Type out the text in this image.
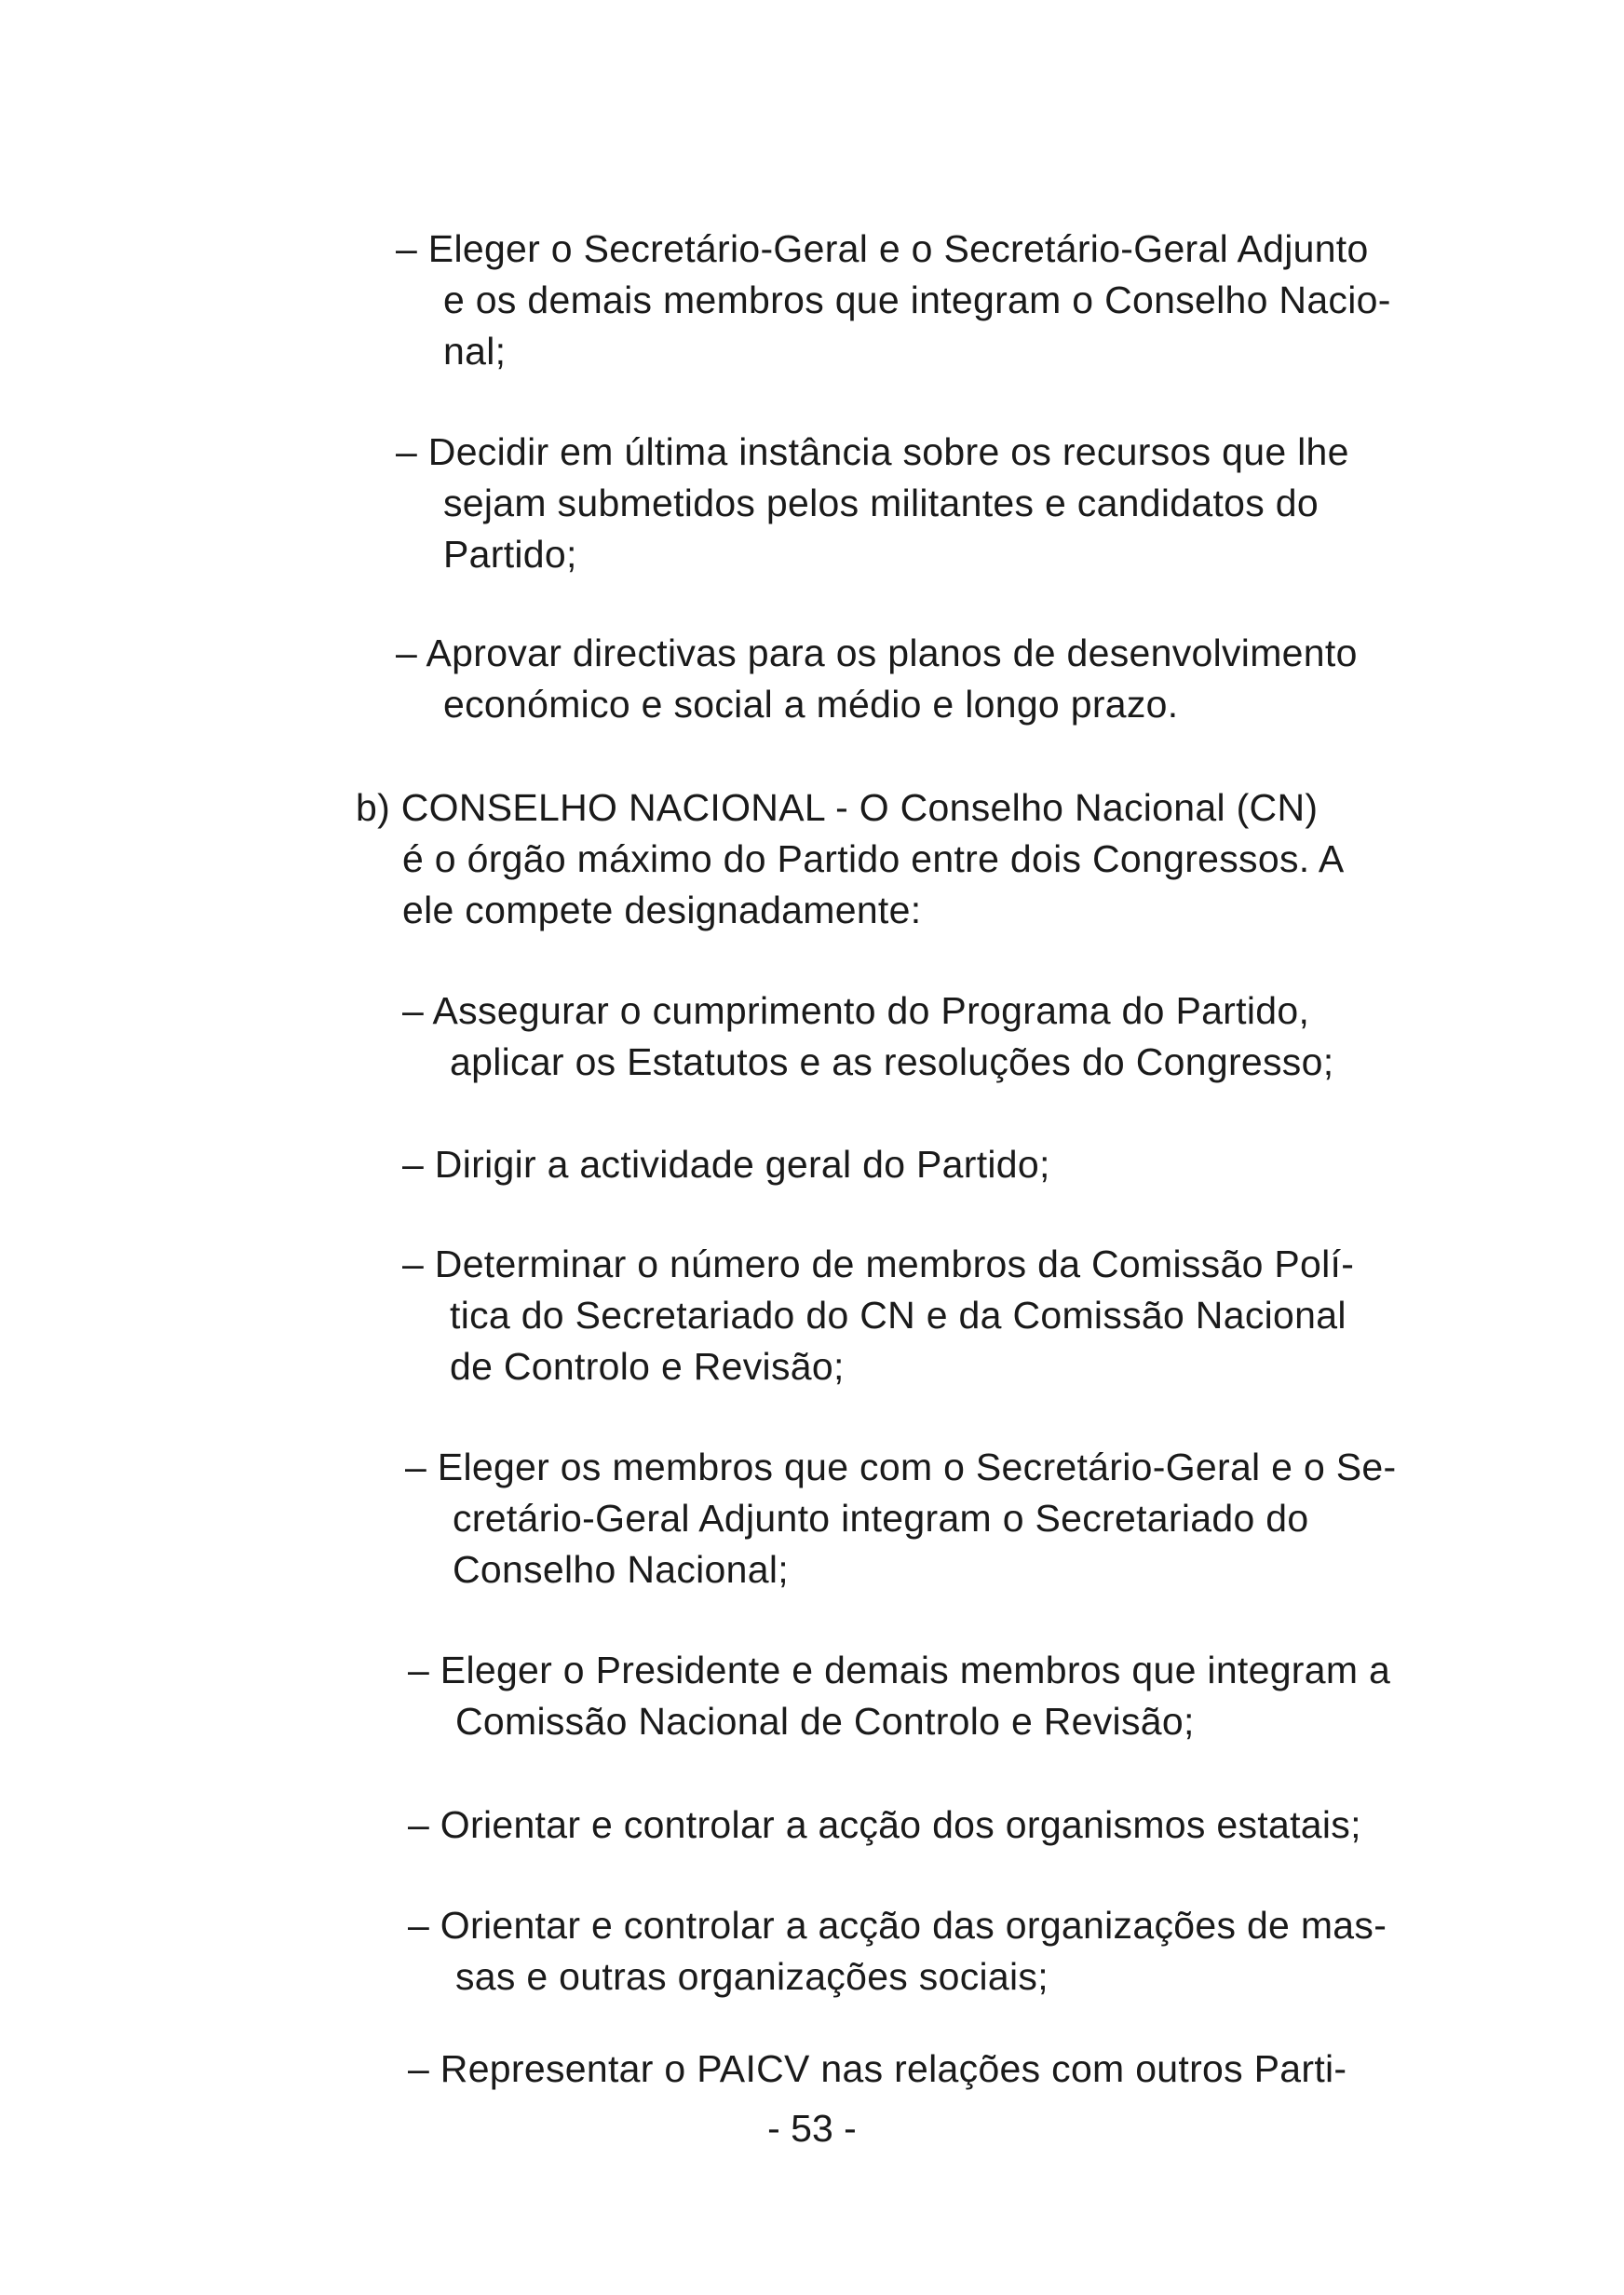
– Eleger o Secretário-Geral e o Secretário-Geral Adjunto
e os demais membros que integram o Conselho Nacio-
nal;
– Decidir em última instância sobre os recursos que lhe
sejam submetidos pelos militantes e candidatos do
Partido;
– Aprovar directivas para os planos de desenvolvimento
económico e social a médio e longo prazo.
b) CONSELHO NACIONAL - O Conselho Nacional (CN)
é o órgão máximo do Partido entre dois Congressos. A
ele compete designadamente:
– Assegurar o cumprimento do Programa do Partido,
aplicar os Estatutos e as resoluções do Congresso;
– Dirigir a actividade geral do Partido;
– Determinar o número de membros da Comissão Polí-
tica do Secretariado do CN e da Comissão Nacional
de Controlo e Revisão;
– Eleger os membros que com o Secretário-Geral e o Se-
cretário-Geral Adjunto integram o Secretariado do
Conselho Nacional;
– Eleger o Presidente e demais membros que integram a
Comissão Nacional de Controlo e Revisão;
– Orientar e controlar a acção dos organismos estatais;
– Orientar e controlar a acção das organizações de mas-
sas e outras organizações sociais;
– Representar o PAICV nas relações com outros Parti-
- 53 -
